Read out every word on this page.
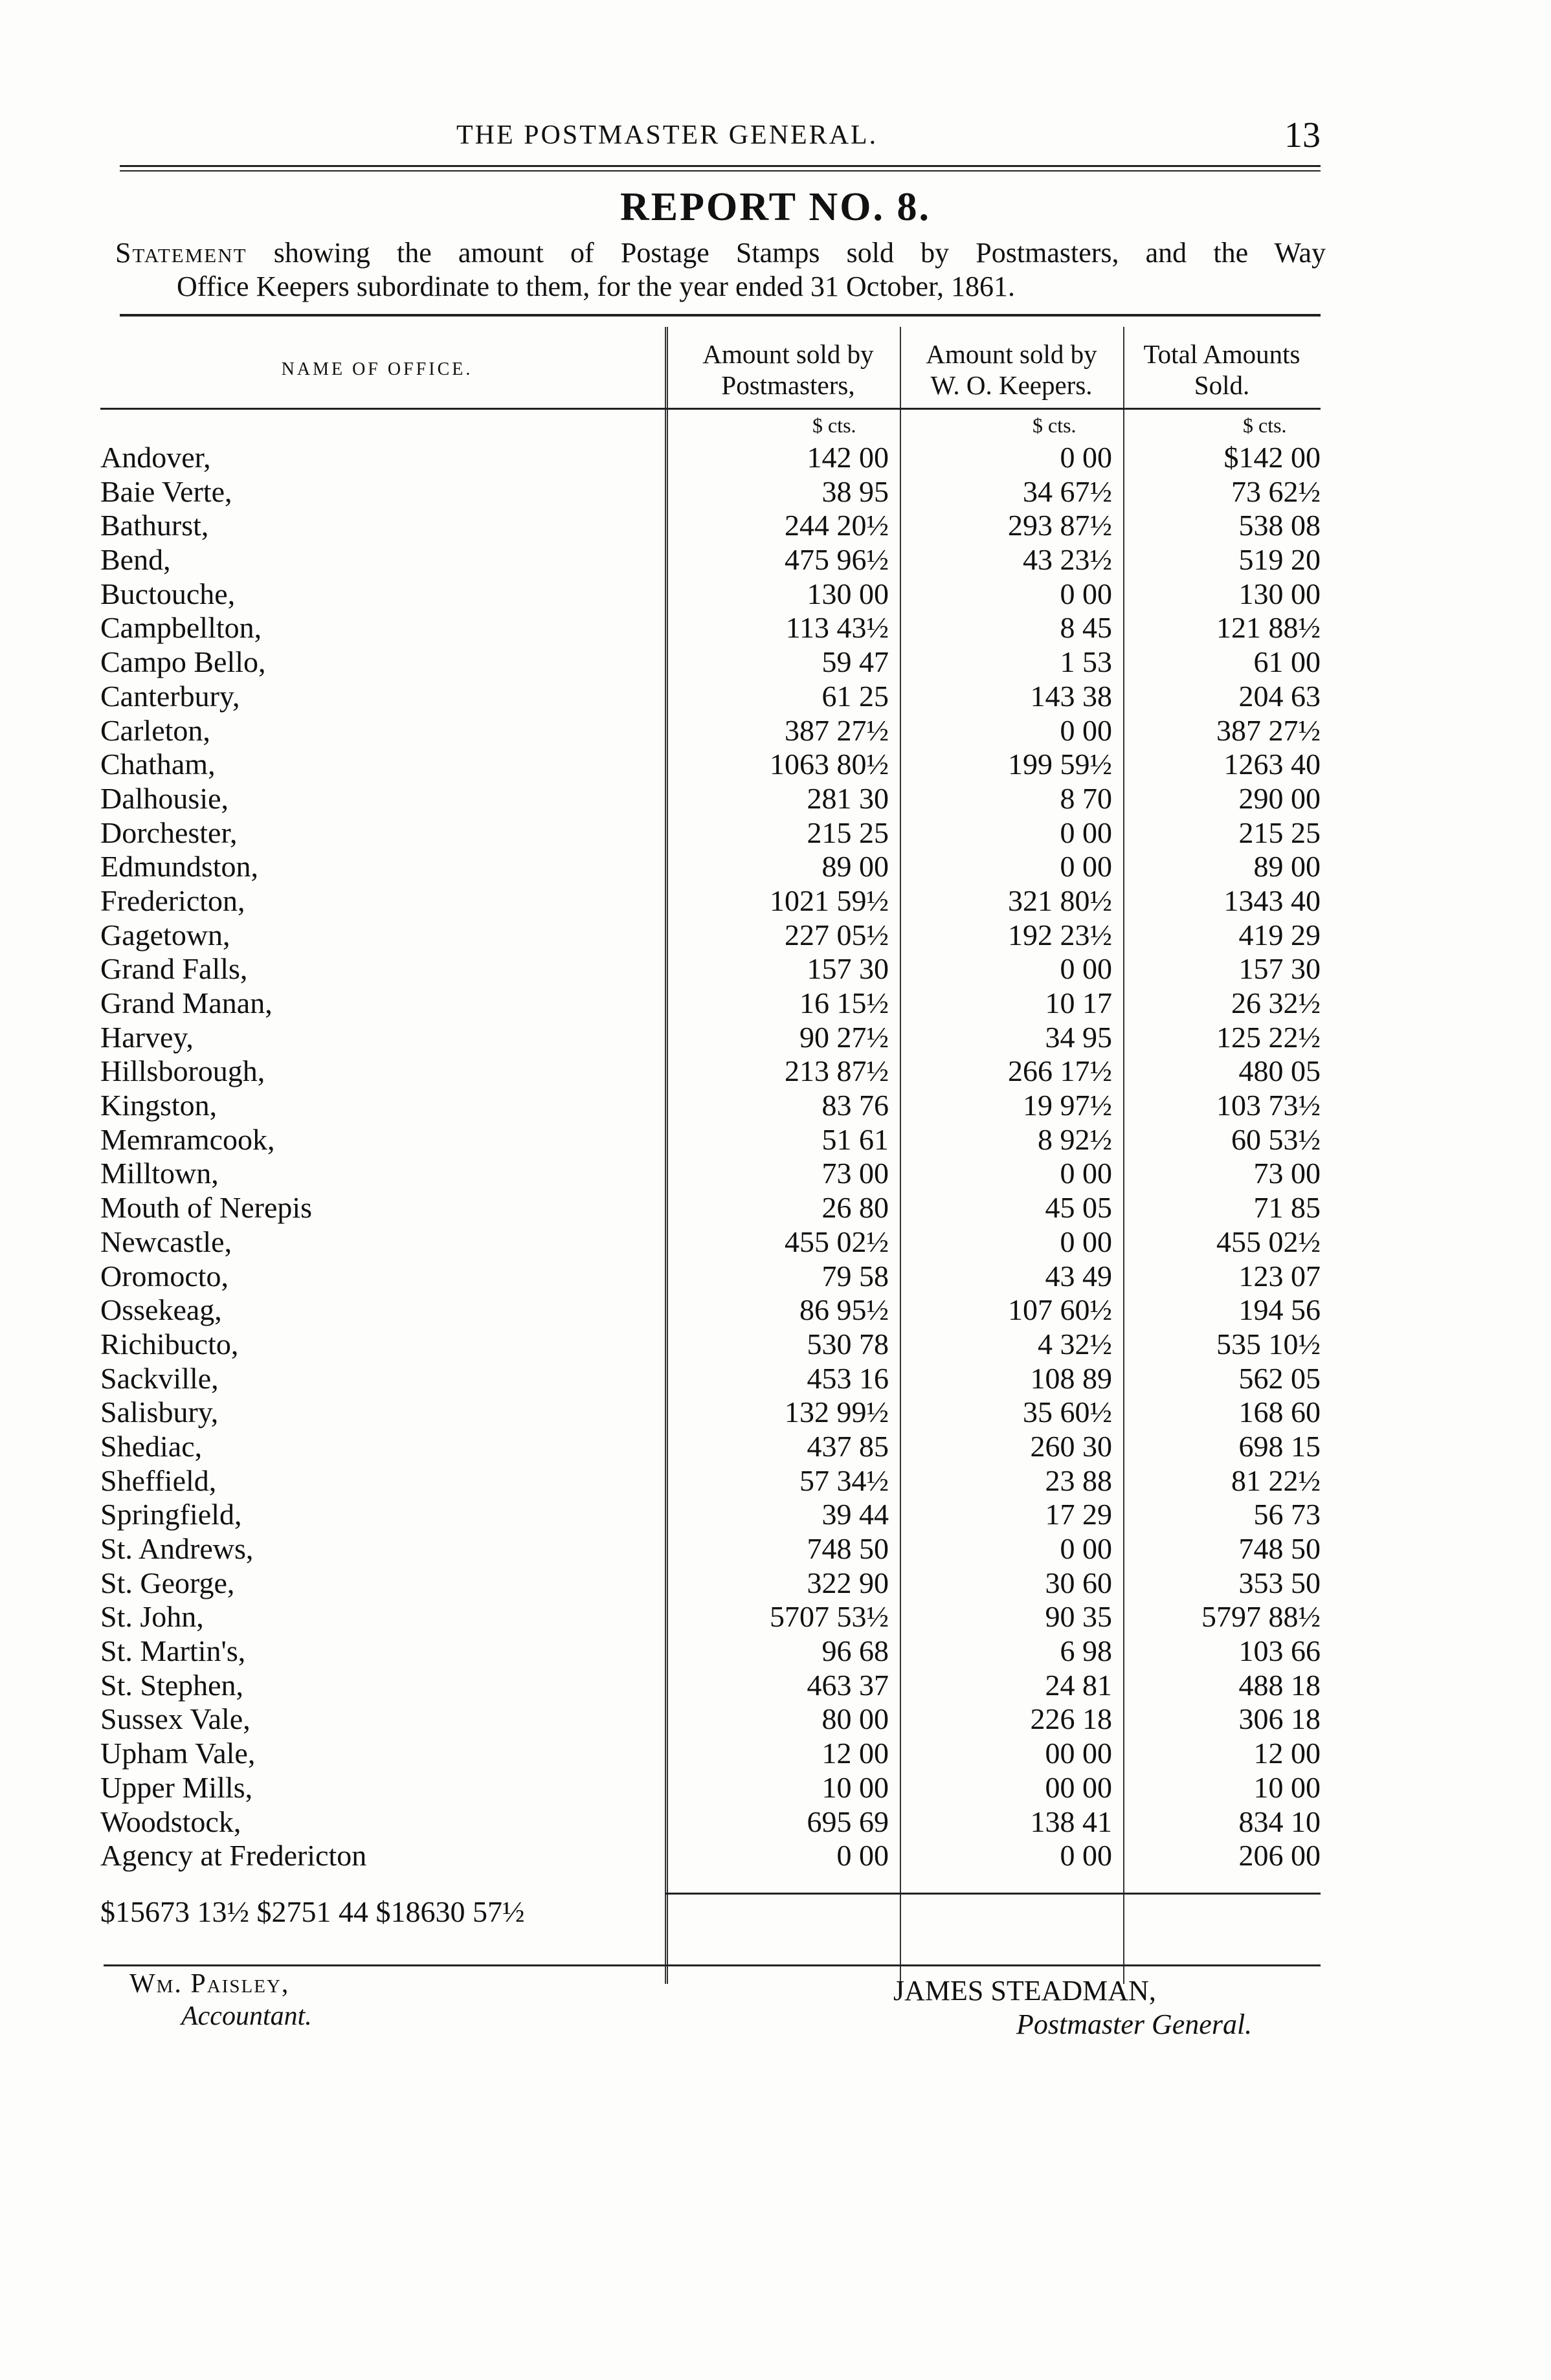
THE POSTMASTER GENERAL.	13
REPORT NO. 8.
Statement showing the amount of Postage Stamps sold by Postmasters, and the Way
Office Keepers subordinate to them, for the year ended 31 October, 1861.
NAME OF OFFICE.
Amount sold by
Postmasters,
Amount sold by
W. O. Keepers.
Total Amounts
Sold.
$ cts.	$ cts.	$ cts.
Andover,	142 00	0 00	$142 00
Baie Verte,	38 95	34 67½	73 62½
Bathurst,	244 20½	293 87½	538 08
Bend,	475 96½	43 23½	519 20
Buctouche,	130 00	0 00	130 00
Campbellton,	113 43½	8 45	121 88½
Campo Bello,	59 47	1 53	61 00
Canterbury,	61 25	143 38	204 63
Carleton,	387 27½	0 00	387 27½
Chatham,	1063 80½	199 59½	1263 40
Dalhousie,	281 30	8 70	290 00
Dorchester,	215 25	0 00	215 25
Edmundston,	89 00	0 00	89 00
Fredericton,	1021 59½	321 80½	1343 40
Gagetown,	227 05½	192 23½	419 29
Grand Falls,	157 30	0 00	157 30
Grand Manan,	16 15½	10 17	26 32½
Harvey,	90 27½	34 95	125 22½
Hillsborough,	213 87½	266 17½	480 05
Kingston,	83 76	19 97½	103 73½
Memramcook,	51 61	8 92½	60 53½
Milltown,	73 00	0 00	73 00
Mouth of Nerepis	26 80	45 05	71 85
Newcastle,	455 02½	0 00	455 02½
Oromocto,	79 58	43 49	123 07
Ossekeag,	86 95½	107 60½	194 56
Richibucto,	530 78	4 32½	535 10½
Sackville,	453 16	108 89	562 05
Salisbury,	132 99½	35 60½	168 60
Shediac,	437 85	260 30	698 15
Sheffield,	57 34½	23 88	81 22½
Springfield,	39 44	17 29	56 73
St. Andrews,	748 50	0 00	748 50
St. George,	322 90	30 60	353 50
St. John,	5707 53½	90 35	5797 88½
St. Martin's,	96 68	6 98	103 66
St. Stephen,	463 37	24 81	488 18
Sussex Vale,	80 00	226 18	306 18
Upham Vale,	12 00	00 00	12 00
Upper Mills,	10 00	00 00	10 00
Woodstock,	695 69	138 41	834 10
Agency at Fredericton	0 00	0 00	206 00
$15673 13½ $2751 44 $18630 57½
Wm. Paisley,
Accountant.
JAMES STEADMAN,
Postmaster General.
